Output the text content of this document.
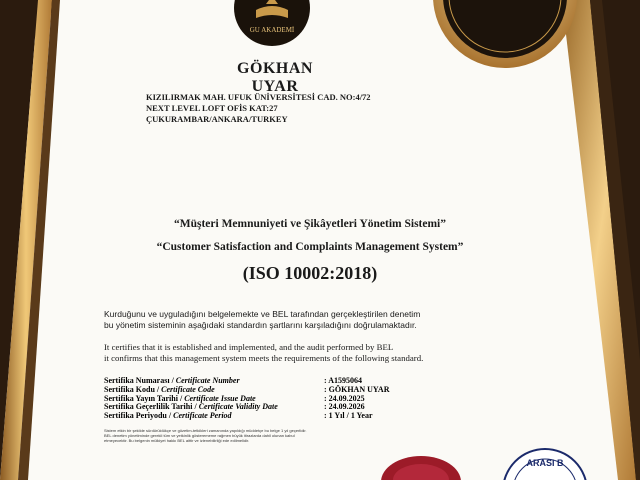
GU AKADEMİ
GÖKHAN UYAR
KIZILIRMAK MAH. UFUK ÜNİVERSİTESİ CAD. NO:4/72
NEXT LEVEL LOFT OFİS KAT:27
ÇUKURAMBAR/ANKARA/TURKEY
“Müşteri Memnuniyeti ve Şikâyetleri Yönetim Sistemi”
“Customer Satisfaction and Complaints Management System”
(ISO 10002:2018)
Kurduğunu ve uyguladığını belgelemekte ve BEL tarafından gerçekleştirilen denetim
bu yönetim sisteminin aşağıdaki standardın şartlarını karşıladığını doğrulamaktadır.
It certifies that it is established and implemented, and the audit performed by BEL
it confirms that this management system meets the requirements of the following standard.
Sertifika Numarası / Certificate Number	: A1595064
Sertifika Kodu / Certificate Code	: GÖKHAN UYAR
Sertifika Yayın Tarihi / Certificate Issue Date	: 24.09.2025
Sertifika Geçerlilik Tarihi / Certificate Validity Date	: 24.09.2026
Sertifika Periyodu / Certificate Period	: 1 Yıl / 1 Year
Sistem etkin bir şekilde sürdürüldükçe ve gözetim-tetkikleri zamanında yapıldığı müddetçe bu belge 1 yıl geçerlidir.
BEL denetim yönetiminde gerekli tüm ve yetkinlik gösterememe rağmen büyük itirazlarda dahil olunan kabul
etmeyecektir. Bu belgenin mülkiyet hakkı BEL aittir ve izlenebilirliği ede edilmelidir.
ARASI B
